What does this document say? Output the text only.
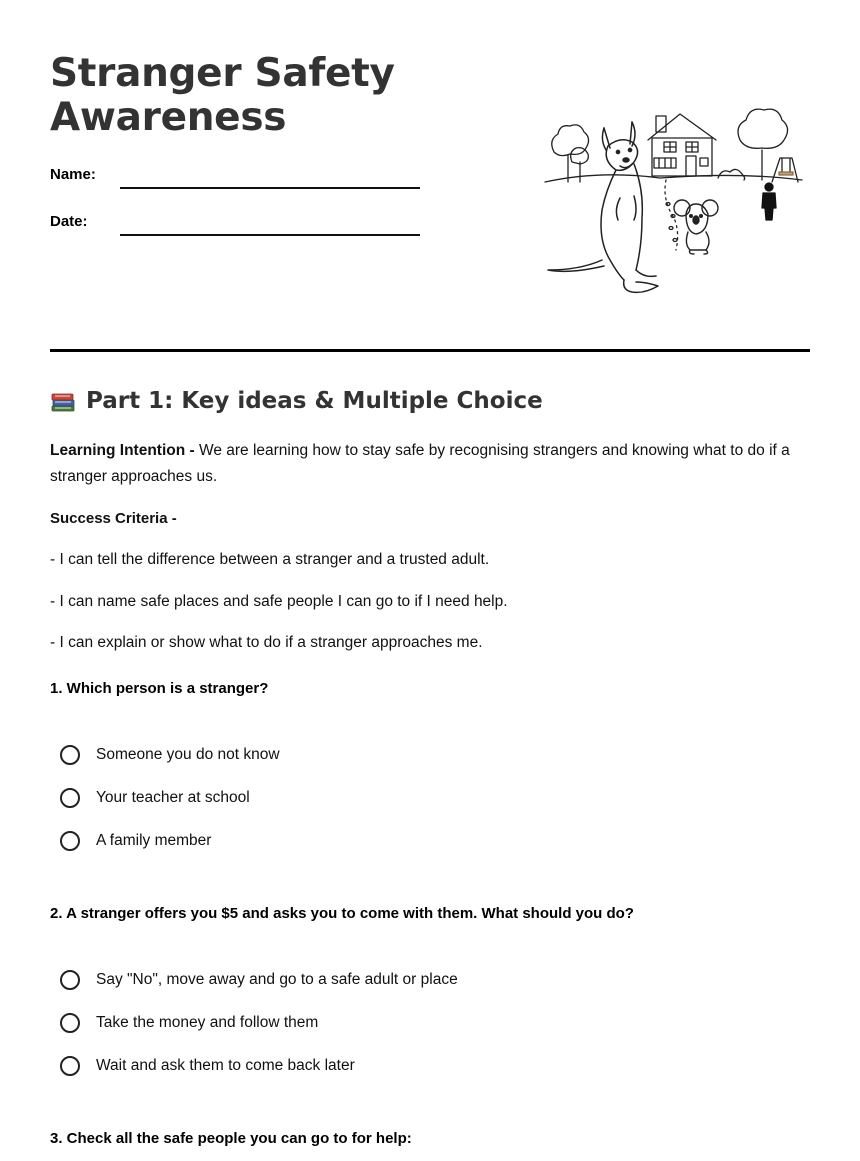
Stranger Safety
Awareness
Name:
Date:
Part 1: Key ideas & Multiple Choice
Learning Intention - We are learning how to stay safe by recognising strangers and knowing what to do if a stranger approaches us.
Success Criteria -
- I can tell the difference between a stranger and a trusted adult.
- I can name safe places and safe people I can go to if I need help.
- I can explain or show what to do if a stranger approaches me.
1. Which person is a stranger?
Someone you do not know
Your teacher at school
A family member
2. A stranger offers you $5 and asks you to come with them. What should you do?
Say "No", move away and go to a safe adult or place
Take the money and follow them
Wait and ask them to come back later
3. Check all the safe people you can go to for help:
